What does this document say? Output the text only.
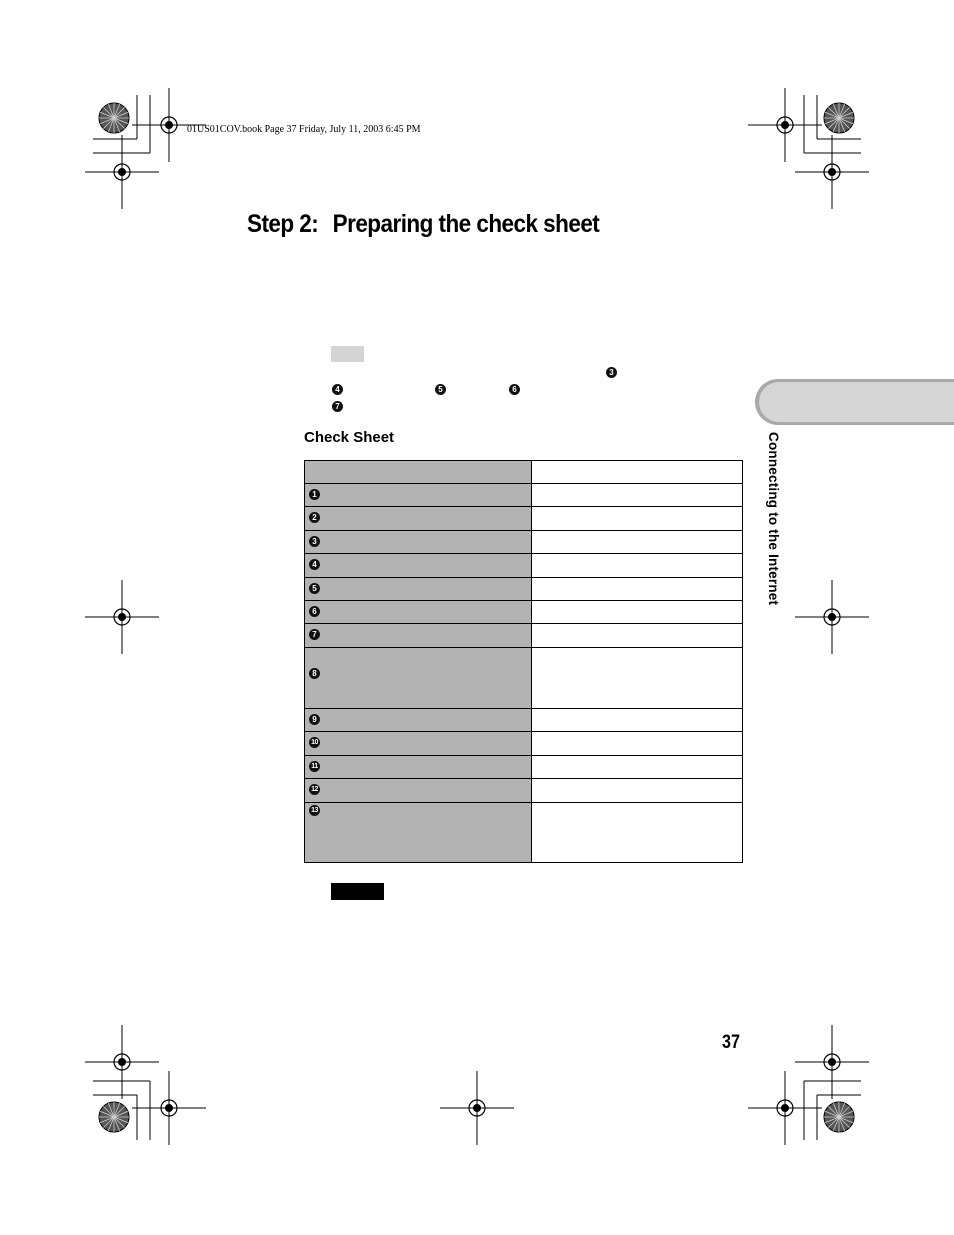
01US01COV.book Page 37 Friday, July 11, 2003 6:45 PM
Step 2: Preparing the check sheet
3
4	5	6
7
Connecting to the Internet
Check Sheet
1
2
3
4
5
6
7
8
9
10
11
12
13
37
